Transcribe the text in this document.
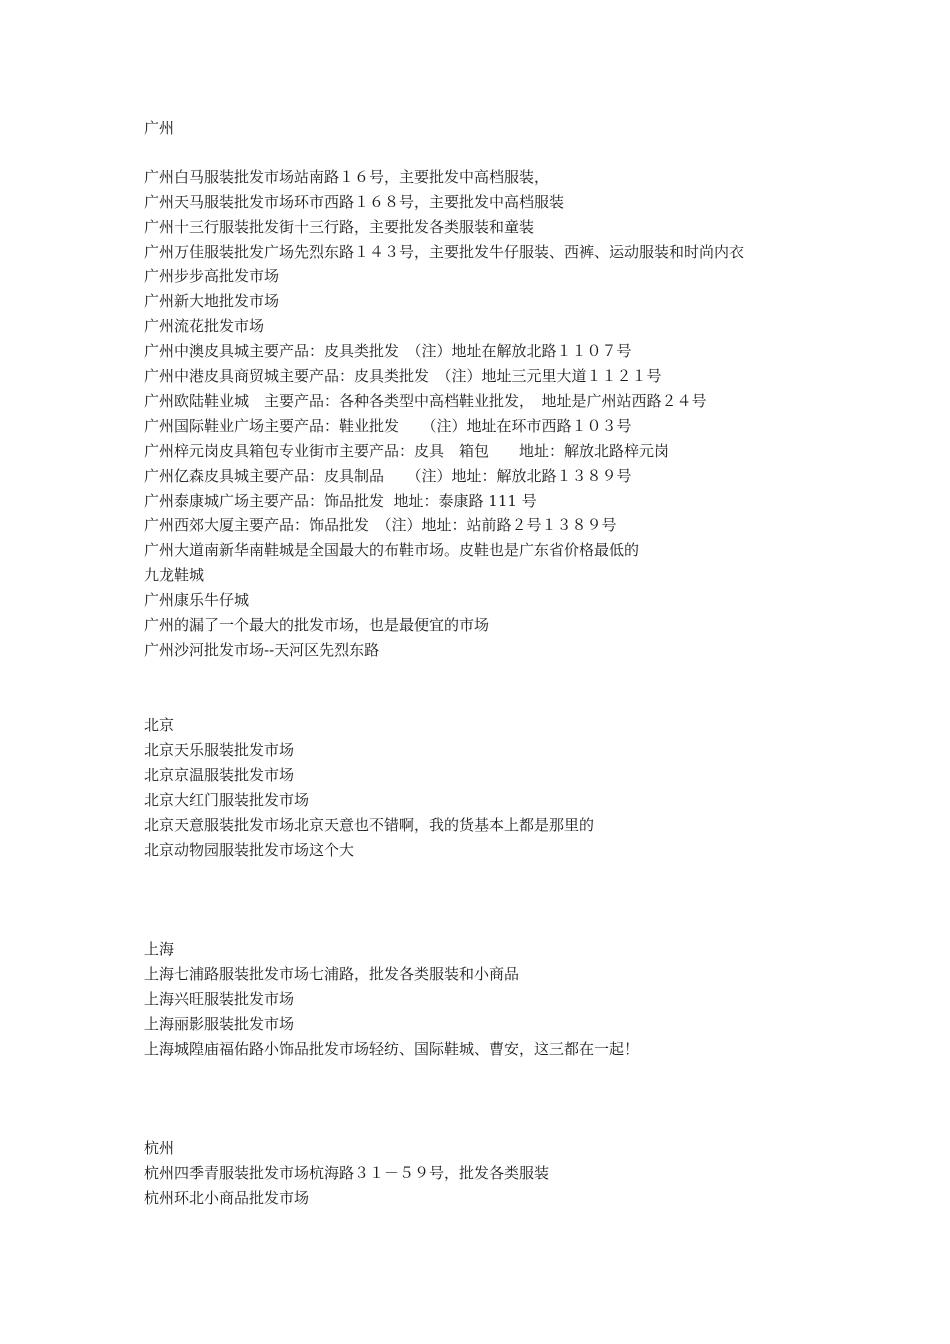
广州
广州白马服装批发市场站南路１６号，主要批发中高档服装，
广州天马服装批发市场环市西路１６８号，主要批发中高档服装
广州十三行服装批发街十三行路，主要批发各类服装和童装
广州万佳服装批发广场先烈东路１４３号，主要批发牛仔服装、西裤、运动服装和时尚内衣
广州步步高批发市场
广州新大地批发市场
广州流花批发市场
广州中澳皮具城主要产品：皮具类批发　（注）地址在解放北路１１０７号
广州中港皮具商贸城主要产品：皮具类批发　（注）地址三元里大道１１２１号
广州欧陆鞋业城　主要产品：各种各类型中高档鞋业批发，　地址是广州站西路２４号
广州国际鞋业广场主要产品：鞋业批发　　（注）地址在环市西路１０３号
广州梓元岗皮具箱包专业街市主要产品：皮具　箱包　　地址：解放北路梓元岗
广州亿森皮具城主要产品：皮具制品　　（注）地址：解放北路１３８９号
广州泰康城广场主要产品：饰品批发  地址：泰康路 111 号
广州西郊大厦主要产品：饰品批发　（注）地址：站前路２号１３８９号
广州大道南新华南鞋城是全国最大的布鞋市场。皮鞋也是广东省价格最低的
九龙鞋城
广州康乐牛仔城
广州的漏了一个最大的批发市场，也是最便宜的市场
广州沙河批发市场--天河区先烈东路
北京
北京天乐服装批发市场
北京京温服装批发市场
北京大红门服装批发市场
北京天意服装批发市场北京天意也不错啊，我的货基本上都是那里的
北京动物园服装批发市场这个大
上海
上海七浦路服装批发市场七浦路，批发各类服装和小商品
上海兴旺服装批发市场
上海丽影服装批发市场
上海城隍庙福佑路小饰品批发市场轻纺、国际鞋城、曹安，这三都在一起！
杭州
杭州四季青服装批发市场杭海路３１－５９号，批发各类服装
杭州环北小商品批发市场
